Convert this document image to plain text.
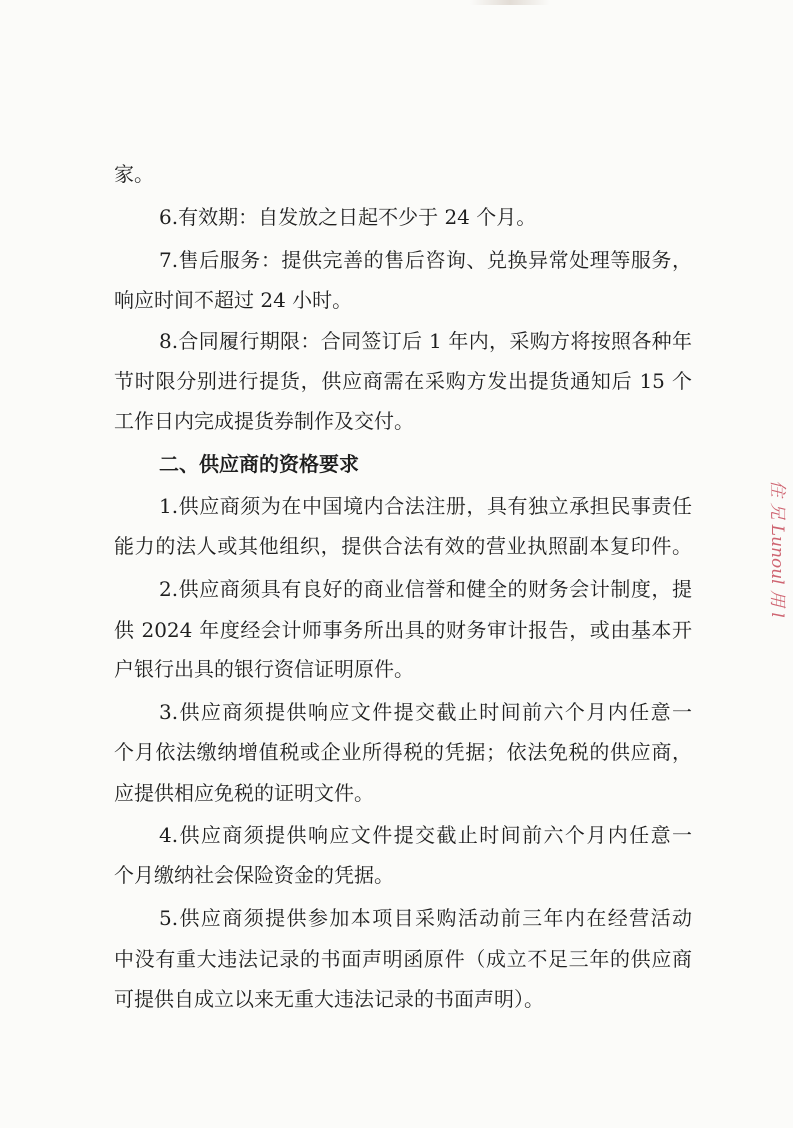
家。
6.有效期：自发放之日起不少于 24 个月。
7.售后服务：提供完善的售后咨询、兑换异常处理等服务，
响应时间不超过 24 小时。
8.合同履行期限：合同签订后 1 年内，采购方将按照各种年
节时限分别进行提货，供应商需在采购方发出提货通知后 15 个
工作日内完成提货券制作及交付。
二、供应商的资格要求
1.供应商须为在中国境内合法注册，具有独立承担民事责任
能力的法人或其他组织，提供合法有效的营业执照副本复印件。
2.供应商须具有良好的商业信誉和健全的财务会计制度，提
供 2024 年度经会计师事务所出具的财务审计报告，或由基本开
户银行出具的银行资信证明原件。
3.供应商须提供响应文件提交截止时间前六个月内任意一
个月依法缴纳增值税或企业所得税的凭据；依法免税的供应商，
应提供相应免税的证明文件。
4.供应商须提供响应文件提交截止时间前六个月内任意一
个月缴纳社会保险资金的凭据。
5.供应商须提供参加本项目采购活动前三年内在经营活动
中没有重大违法记录的书面声明函原件（成立不足三年的供应商
可提供自成立以来无重大违法记录的书面声明）。
住 兄 Lunoul 用 l
